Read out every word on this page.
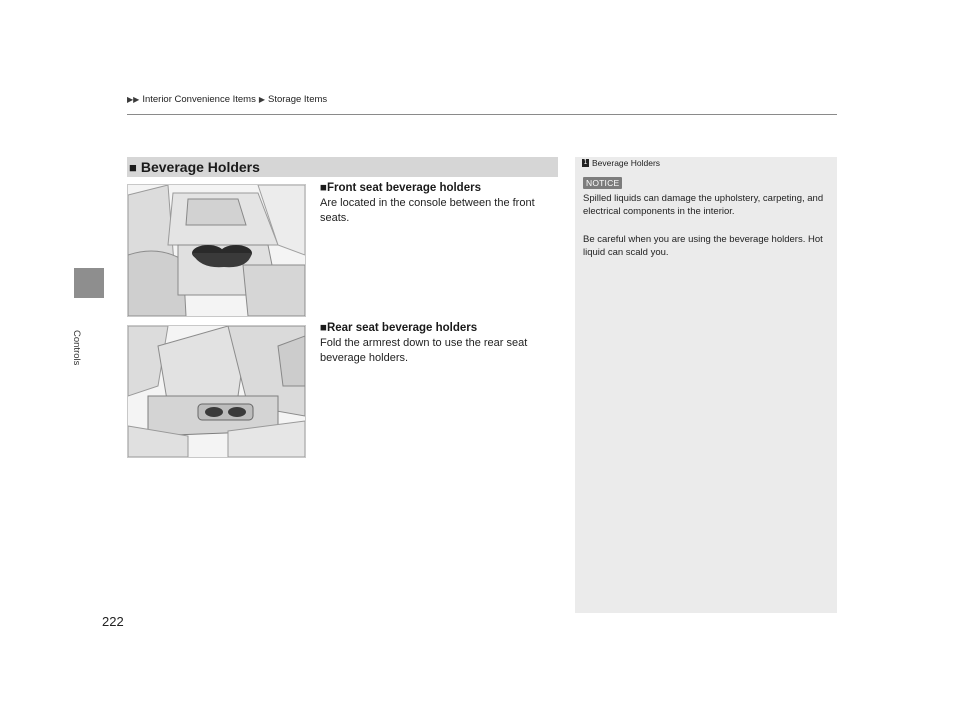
▶▶ Interior Convenience Items ▶ Storage Items
Controls
222
■ Beverage Holders
■Front seat beverage holders
Are located in the console between the front seats.
■Rear seat beverage holders
Fold the armrest down to use the rear seat beverage holders.
1 Beverage Holders
NOTICE
Spilled liquids can damage the upholstery, carpeting, and electrical components in the interior.
Be careful when you are using the beverage holders. Hot liquid can scald you.
